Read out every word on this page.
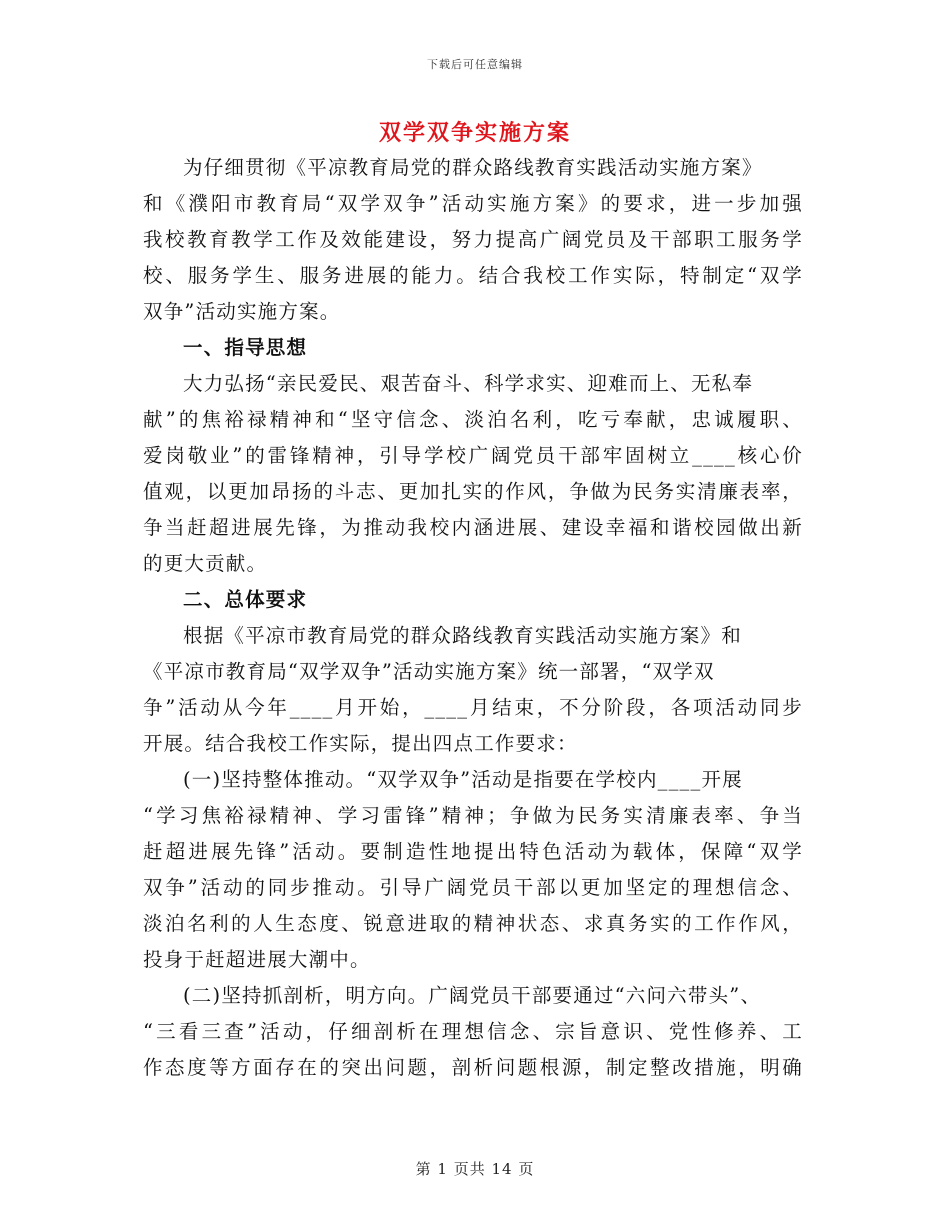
下载后可任意编辑
双学双争实施方案
为仔细贯彻《平凉教育局党的群众路线教育实践活动实施方案》
和《濮阳市教育局“双学双争”活动实施方案》的要求，进一步加强
我校教育教学工作及效能建设，努力提高广阔党员及干部职工服务学
校、服务学生、服务进展的能力。结合我校工作实际，特制定“双学
双争”活动实施方案。
一、指导思想
大力弘扬“亲民爱民、艰苦奋斗、科学求实、迎难而上、无私奉
献”的焦裕禄精神和“坚守信念、淡泊名利，吃亏奉献，忠诚履职、
爱岗敬业”的雷锋精神，引导学校广阔党员干部牢固树立____核心价
值观，以更加昂扬的斗志、更加扎实的作风，争做为民务实清廉表率，
争当赶超进展先锋，为推动我校内涵进展、建设幸福和谐校园做出新
的更大贡献。
二、总体要求
根据《平凉市教育局党的群众路线教育实践活动实施方案》和
《平凉市教育局“双学双争”活动实施方案》统一部署，“双学双
争”活动从今年____月开始，____月结束，不分阶段，各项活动同步
开展。结合我校工作实际，提出四点工作要求：
(一)坚持整体推动。“双学双争”活动是指要在学校内____开展
“学习焦裕禄精神、学习雷锋”精神；争做为民务实清廉表率、争当
赶超进展先锋”活动。要制造性地提出特色活动为载体，保障“双学
双争”活动的同步推动。引导广阔党员干部以更加坚定的理想信念、
淡泊名利的人生态度、锐意进取的精神状态、求真务实的工作作风，
投身于赶超进展大潮中。
(二)坚持抓剖析，明方向。广阔党员干部要通过“六问六带头”、
“三看三查”活动，仔细剖析在理想信念、宗旨意识、党性修养、工
作态度等方面存在的突出问题，剖析问题根源，制定整改措施，明确
第 1 页共 14 页
